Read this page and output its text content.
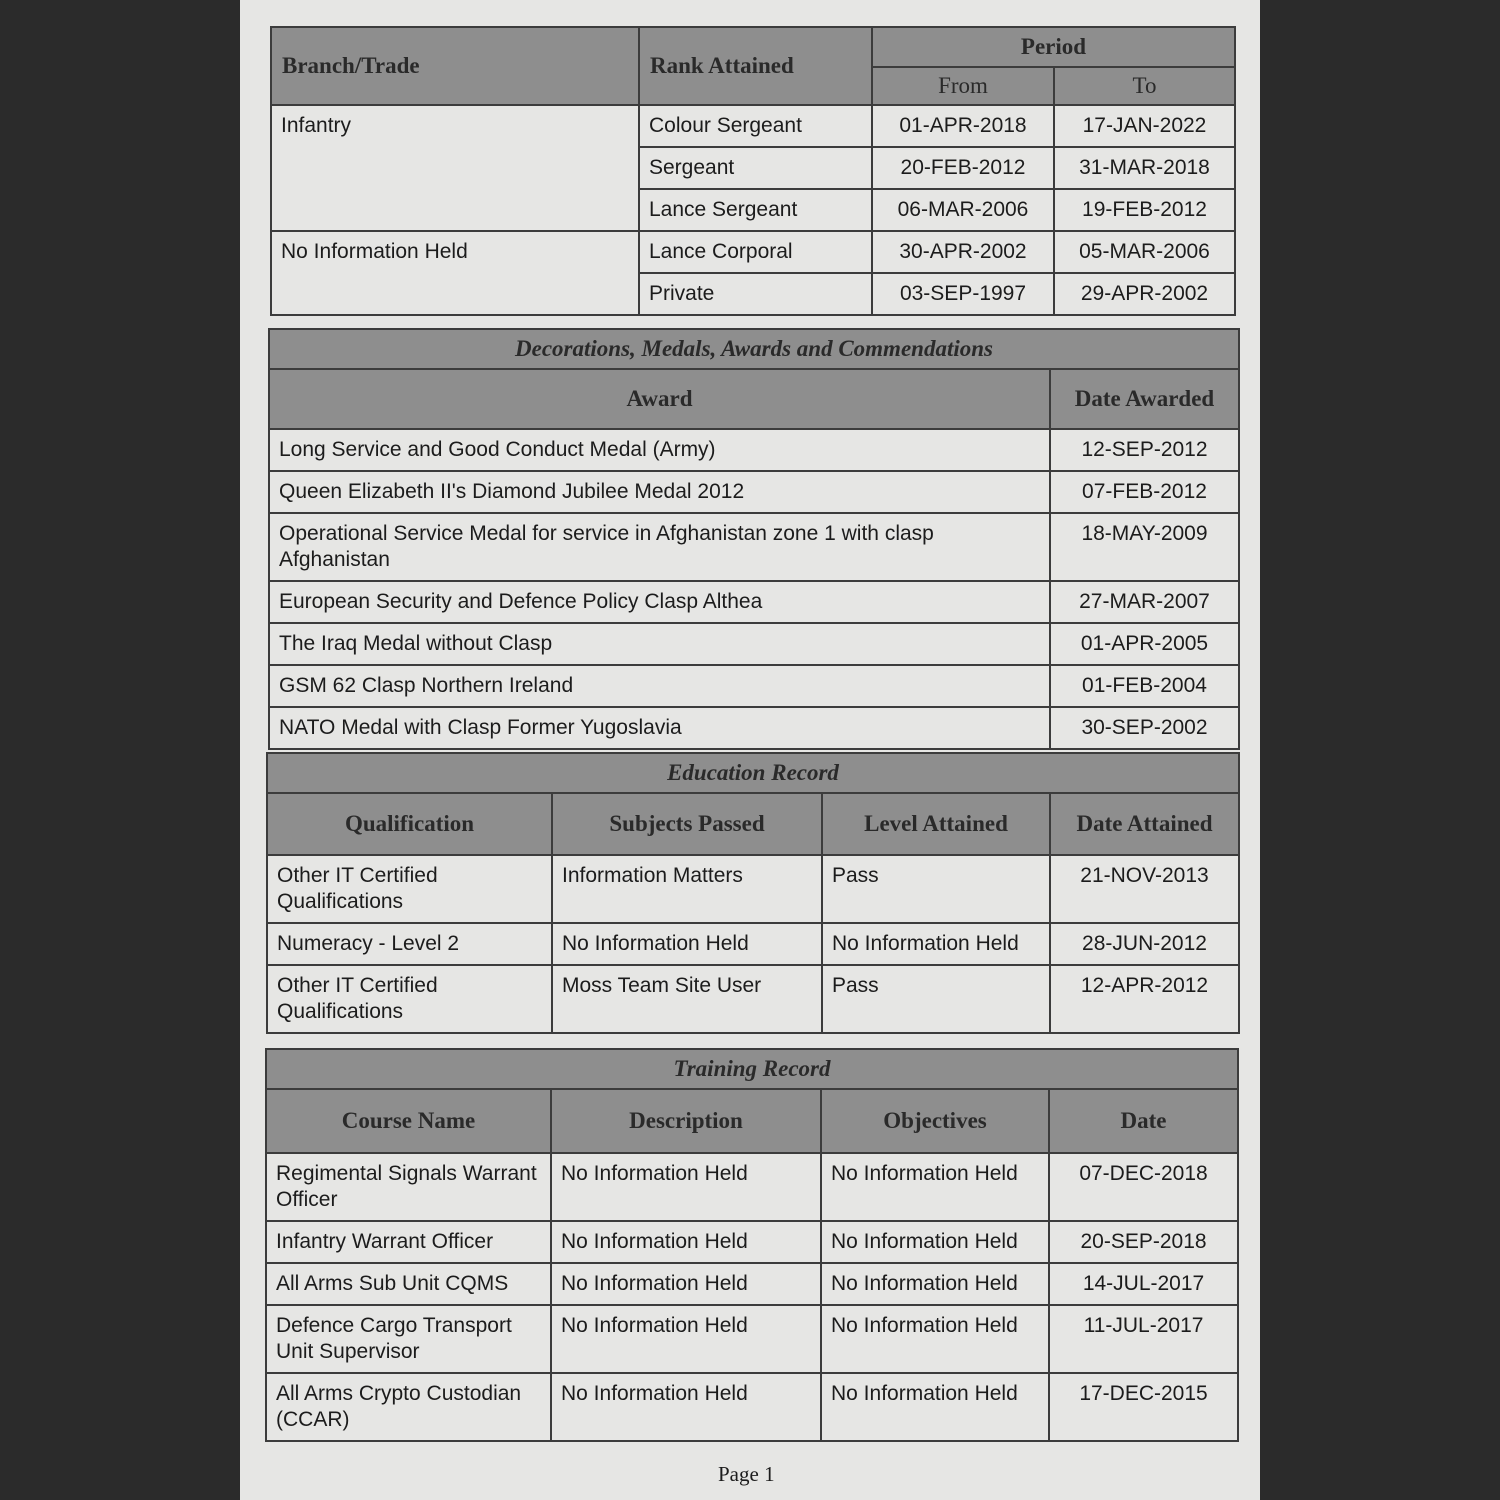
Branch/Trade	Rank Attained	Period	
		From	To
Infantry	Colour Sergeant	01-APR-2018	17-JAN-2022
	Sergeant	20-FEB-2012	31-MAR-2018
	Lance Sergeant	06-MAR-2006	19-FEB-2012
No Information Held	Lance Corporal	30-APR-2002	05-MAR-2006
	Private	03-SEP-1997	29-APR-2002
Decorations, Medals, Awards and Commendations	
Award	Date Awarded
Long Service and Good Conduct Medal (Army)	12-SEP-2012
Queen Elizabeth II's Diamond Jubilee Medal 2012	07-FEB-2012
Operational Service Medal for service in Afghanistan zone 1 with clasp Afghanistan	18-MAY-2009
European Security and Defence Policy Clasp Althea	27-MAR-2007
The Iraq Medal without Clasp	01-APR-2005
GSM 62 Clasp Northern Ireland	01-FEB-2004
NATO Medal with Clasp Former Yugoslavia	30-SEP-2002
Education Record			
Qualification	Subjects Passed	Level Attained	Date Attained
Other IT Certified Qualifications	Information Matters	Pass	21-NOV-2013
Numeracy - Level 2	No Information Held	No Information Held	28-JUN-2012
Other IT Certified Qualifications	Moss Team Site User	Pass	12-APR-2012
Training Record			
Course Name	Description	Objectives	Date
Regimental Signals Warrant Officer	No Information Held	No Information Held	07-DEC-2018
Infantry Warrant Officer	No Information Held	No Information Held	20-SEP-2018
All Arms Sub Unit CQMS	No Information Held	No Information Held	14-JUL-2017
Defence Cargo Transport Unit Supervisor	No Information Held	No Information Held	11-JUL-2017
All Arms Crypto Custodian (CCAR)	No Information Held	No Information Held	17-DEC-2015
Page 1
